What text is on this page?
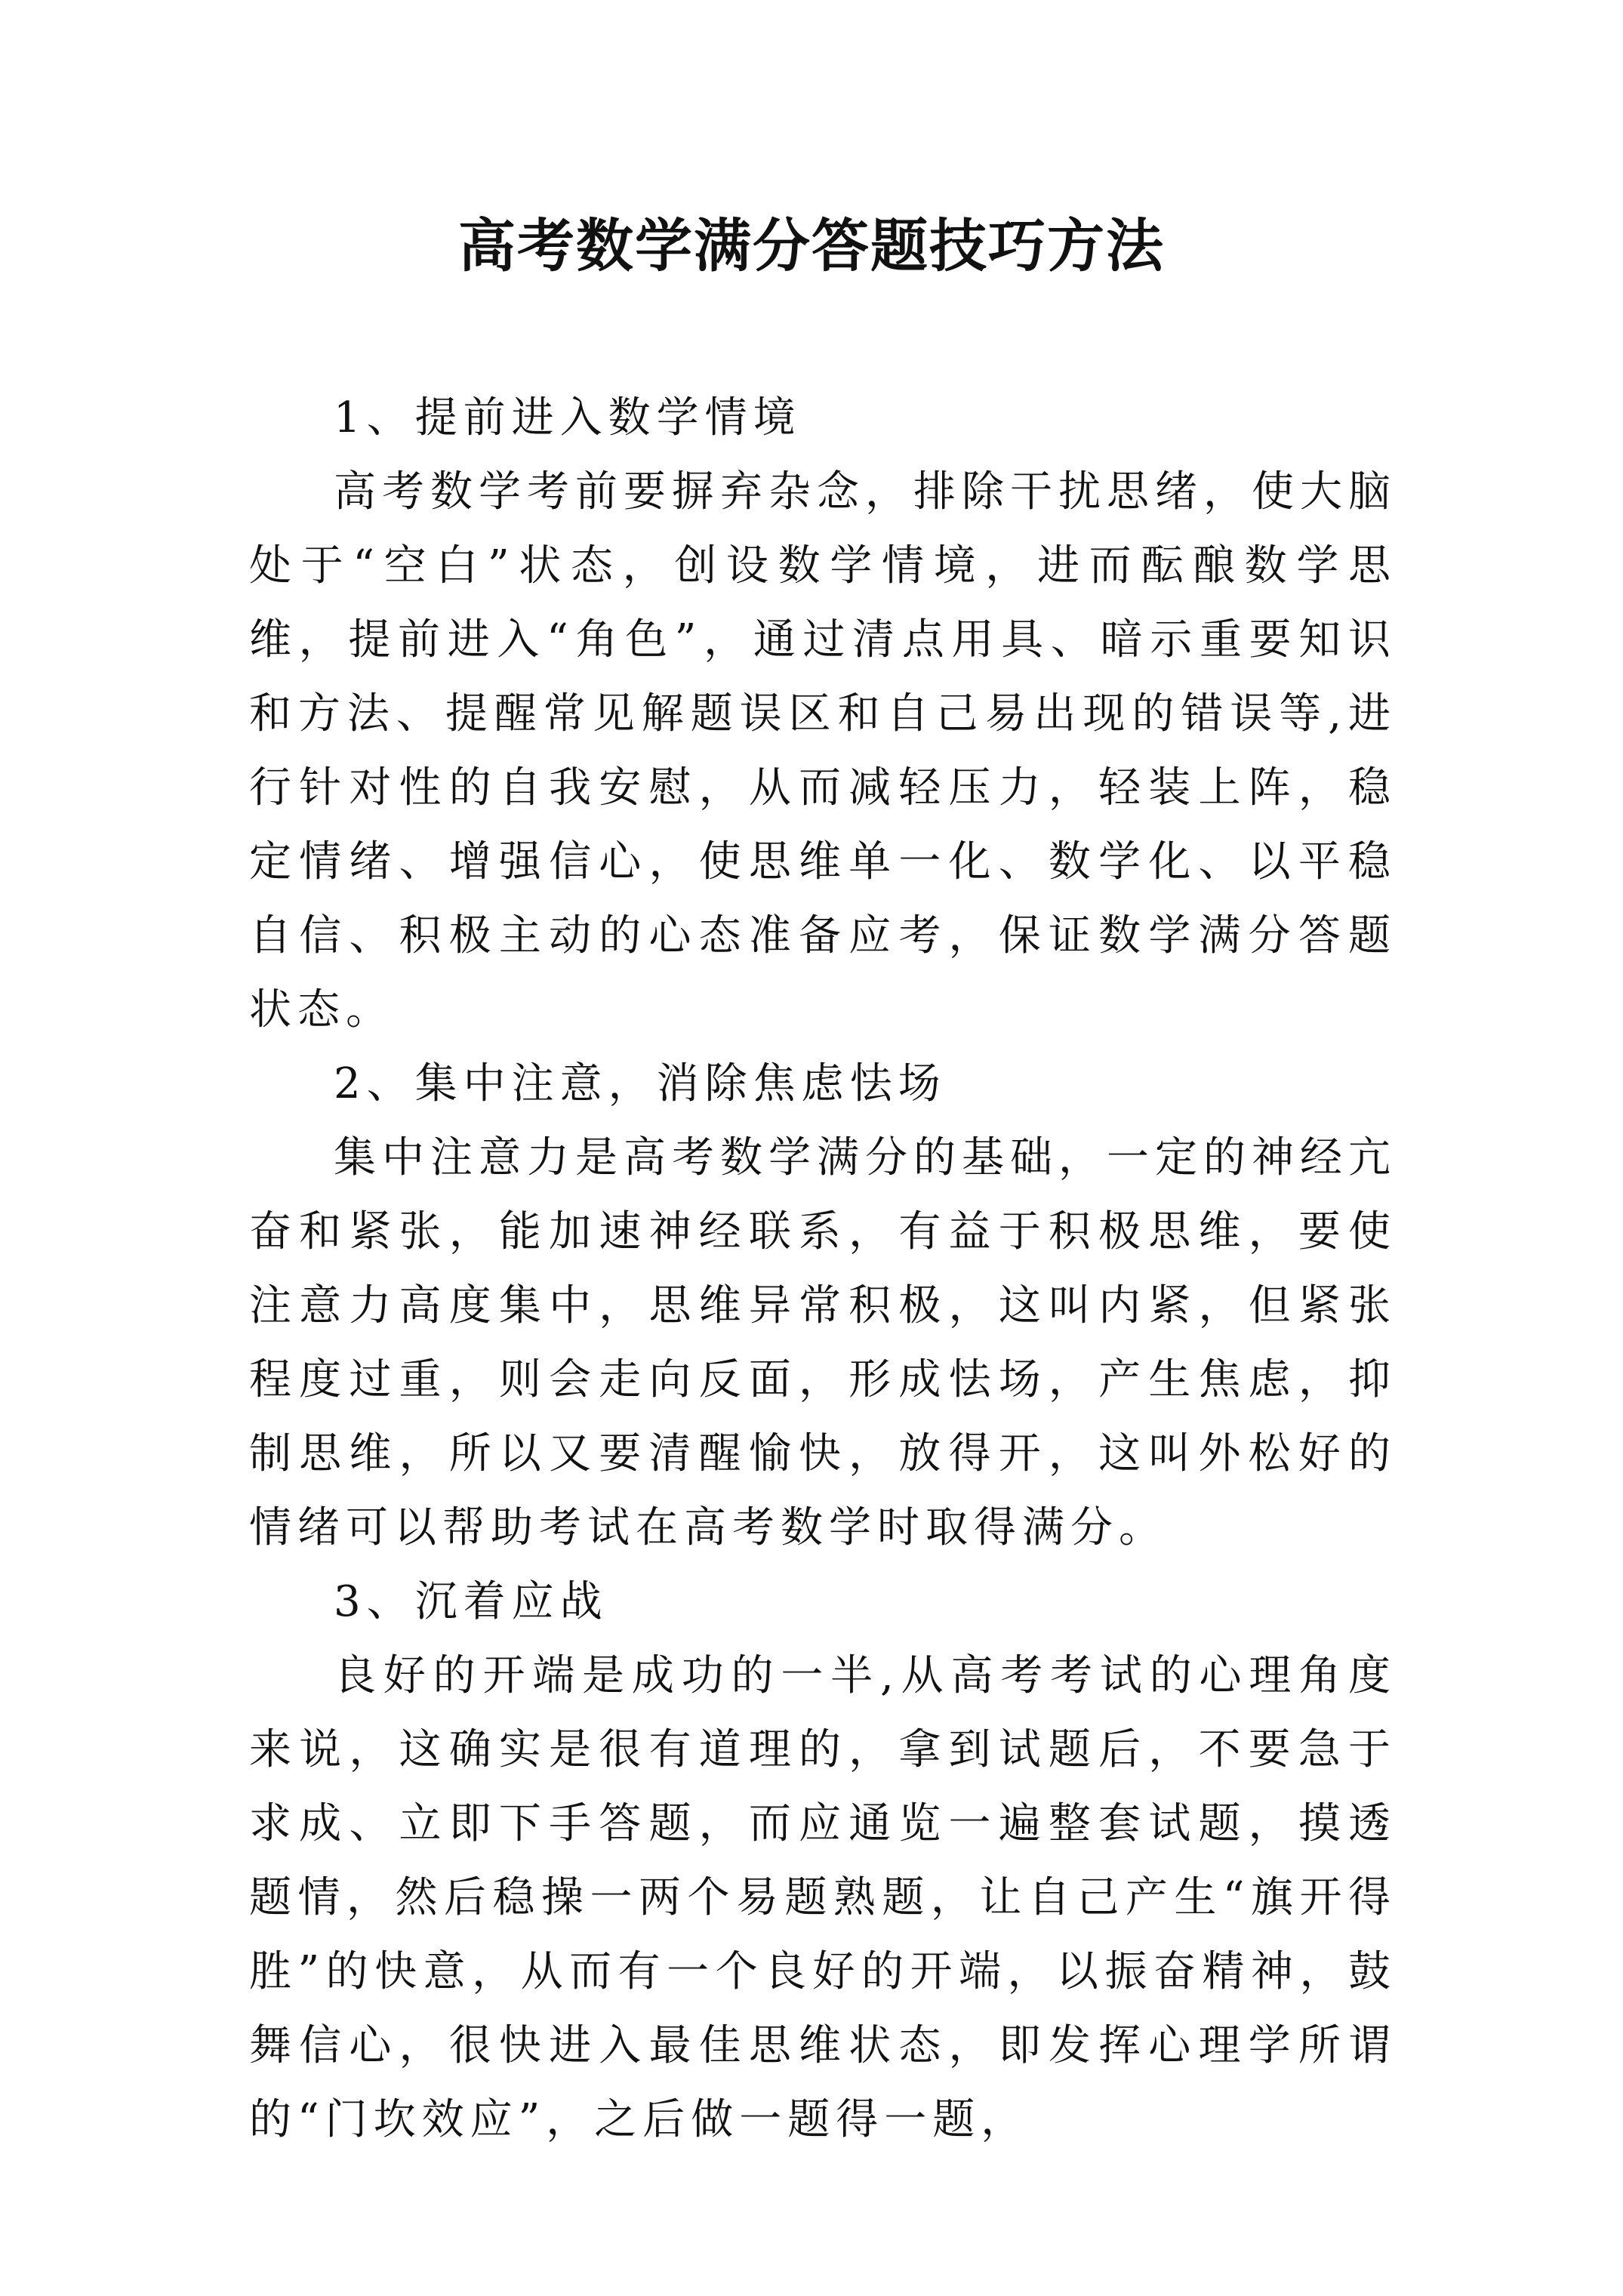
高考数学满分答题技巧方法

1、提前进入数学情境

高考数学考前要摒弃杂念，排除干扰思绪，使大脑处于“空白”状态，创设数学情境，进而酝酿数学思维，提前进入“角色”，通过清点用具、暗示重要知识和方法、提醒常见解题误区和自己易出现的错误等,进行针对性的自我安慰，从而减轻压力，轻装上阵，稳定情绪、增强信心，使思维单一化、数学化、以平稳自信、积极主动的心态准备应考，保证数学满分答题状态。

2、集中注意，消除焦虑怯场

集中注意力是高考数学满分的基础，一定的神经亢奋和紧张，能加速神经联系，有益于积极思维，要使注意力高度集中，思维异常积极，这叫内紧，但紧张程度过重，则会走向反面，形成怯场，产生焦虑，抑制思维，所以又要清醒愉快，放得开，这叫外松好的情绪可以帮助考试在高考数学时取得满分。

3、沉着应战

良好的开端是成功的一半,从高考考试的心理角度来说，这确实是很有道理的，拿到试题后，不要急于求成、立即下手答题，而应通览一遍整套试题，摸透题情，然后稳操一两个易题熟题，让自己产生“旗开得胜”的快意，从而有一个良好的开端，以振奋精神，鼓舞信心，很快进入最佳思维状态，即发挥心理学所谓的“门坎效应”，之后做一题得一题，
